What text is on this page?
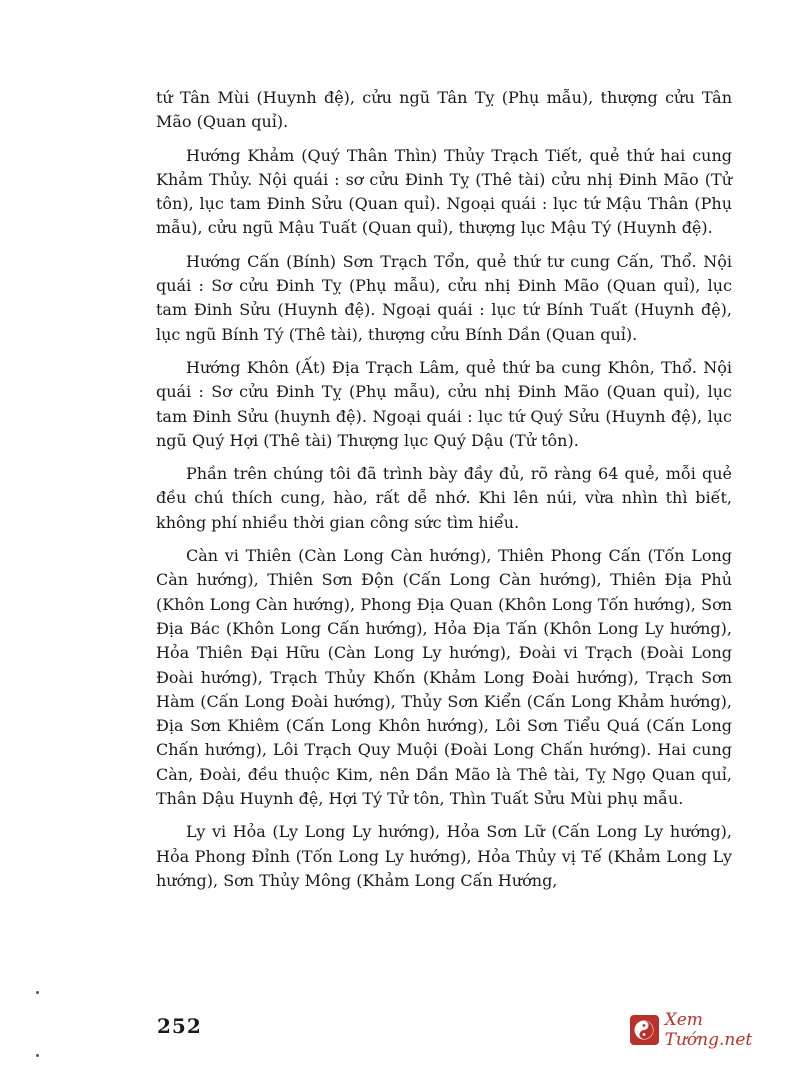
tứ Tân Mùi (Huynh đệ), cửu ngũ Tân Tỵ (Phụ mẫu), thượng cửu Tân Mão (Quan quỉ).

Hướng Khảm (Quý Thân Thìn) Thủy Trạch Tiết, quẻ thứ hai cung Khảm Thủy. Nội quái : sơ cửu Đinh Tỵ (Thê tài) cửu nhị Đinh Mão (Tử tôn), lục tam Đinh Sửu (Quan quỉ). Ngoại quái : lục tứ Mậu Thân (Phụ mẫu), cửu ngũ Mậu Tuất (Quan quỉ), thượng lục Mậu Tý (Huynh đệ).

Hướng Cấn (Bính) Sơn Trạch Tổn, quẻ thứ tư cung Cấn, Thổ. Nội quái : Sơ cửu Đinh Tỵ (Phụ mẫu), cửu nhị Đinh Mão (Quan quỉ), lục tam Đinh Sửu (Huynh đệ). Ngoại quái : lục tứ Bính Tuất (Huynh đệ), lục ngũ Bính Tý (Thê tài), thượng cửu Bính Dần (Quan quỉ).

Hướng Khôn (Ất) Địa Trạch Lâm, quẻ thứ ba cung Khôn, Thổ. Nội quái : Sơ cửu Đinh Tỵ (Phụ mẫu), cửu nhị Đinh Mão (Quan quỉ), lục tam Đinh Sửu (huynh đệ). Ngoại quái : lục tứ Quý Sửu (Huynh đệ), lục ngũ Quý Hợi (Thê tài) Thượng lục Quý Dậu (Tử tôn).

Phần trên chúng tôi đã trình bày đầy đủ, rõ ràng 64 quẻ, mỗi quẻ đều chú thích cung, hào, rất dễ nhớ. Khi lên núi, vừa nhìn thì biết, không phí nhiều thời gian công sức tìm hiểu.

Càn vi Thiên (Càn Long Càn hướng), Thiên Phong Cấn (Tốn Long Càn hướng), Thiên Sơn Độn (Cấn Long Càn hướng), Thiên Địa Phủ (Khôn Long Càn hướng), Phong Địa Quan (Khôn Long Tốn hướng), Sơn Địa Bác (Khôn Long Cấn hướng), Hỏa Địa Tấn (Khôn Long Ly hướng), Hỏa Thiên Đại Hữu (Càn Long Ly hướng), Đoài vi Trạch (Đoài Long Đoài hướng), Trạch Thủy Khốn (Khảm Long Đoài hướng), Trạch Sơn Hàm (Cấn Long Đoài hướng), Thủy Sơn Kiển (Cấn Long Khảm hướng), Địa Sơn Khiêm (Cấn Long Khôn hướng), Lôi Sơn Tiểu Quá (Cấn Long Chấn hướng), Lôi Trạch Quy Muội (Đoài Long Chấn hướng). Hai cung Càn, Đoài, đều thuộc Kim, nên Dần Mão là Thê tài, Tỵ Ngọ Quan quỉ, Thân Dậu Huynh đệ, Hợi Tý Tử tôn, Thìn Tuất Sửu Mùi phụ mẫu.

Ly vi Hỏa (Ly Long Ly hướng), Hỏa Sơn Lữ (Cấn Long Ly hướng), Hỏa Phong Đỉnh (Tốn Long Ly hướng), Hỏa Thủy vị Tế (Khảm Long Ly hướng), Sơn Thủy Mông (Khảm Long Cấn Hướng,

252	Xem Tướng.net
